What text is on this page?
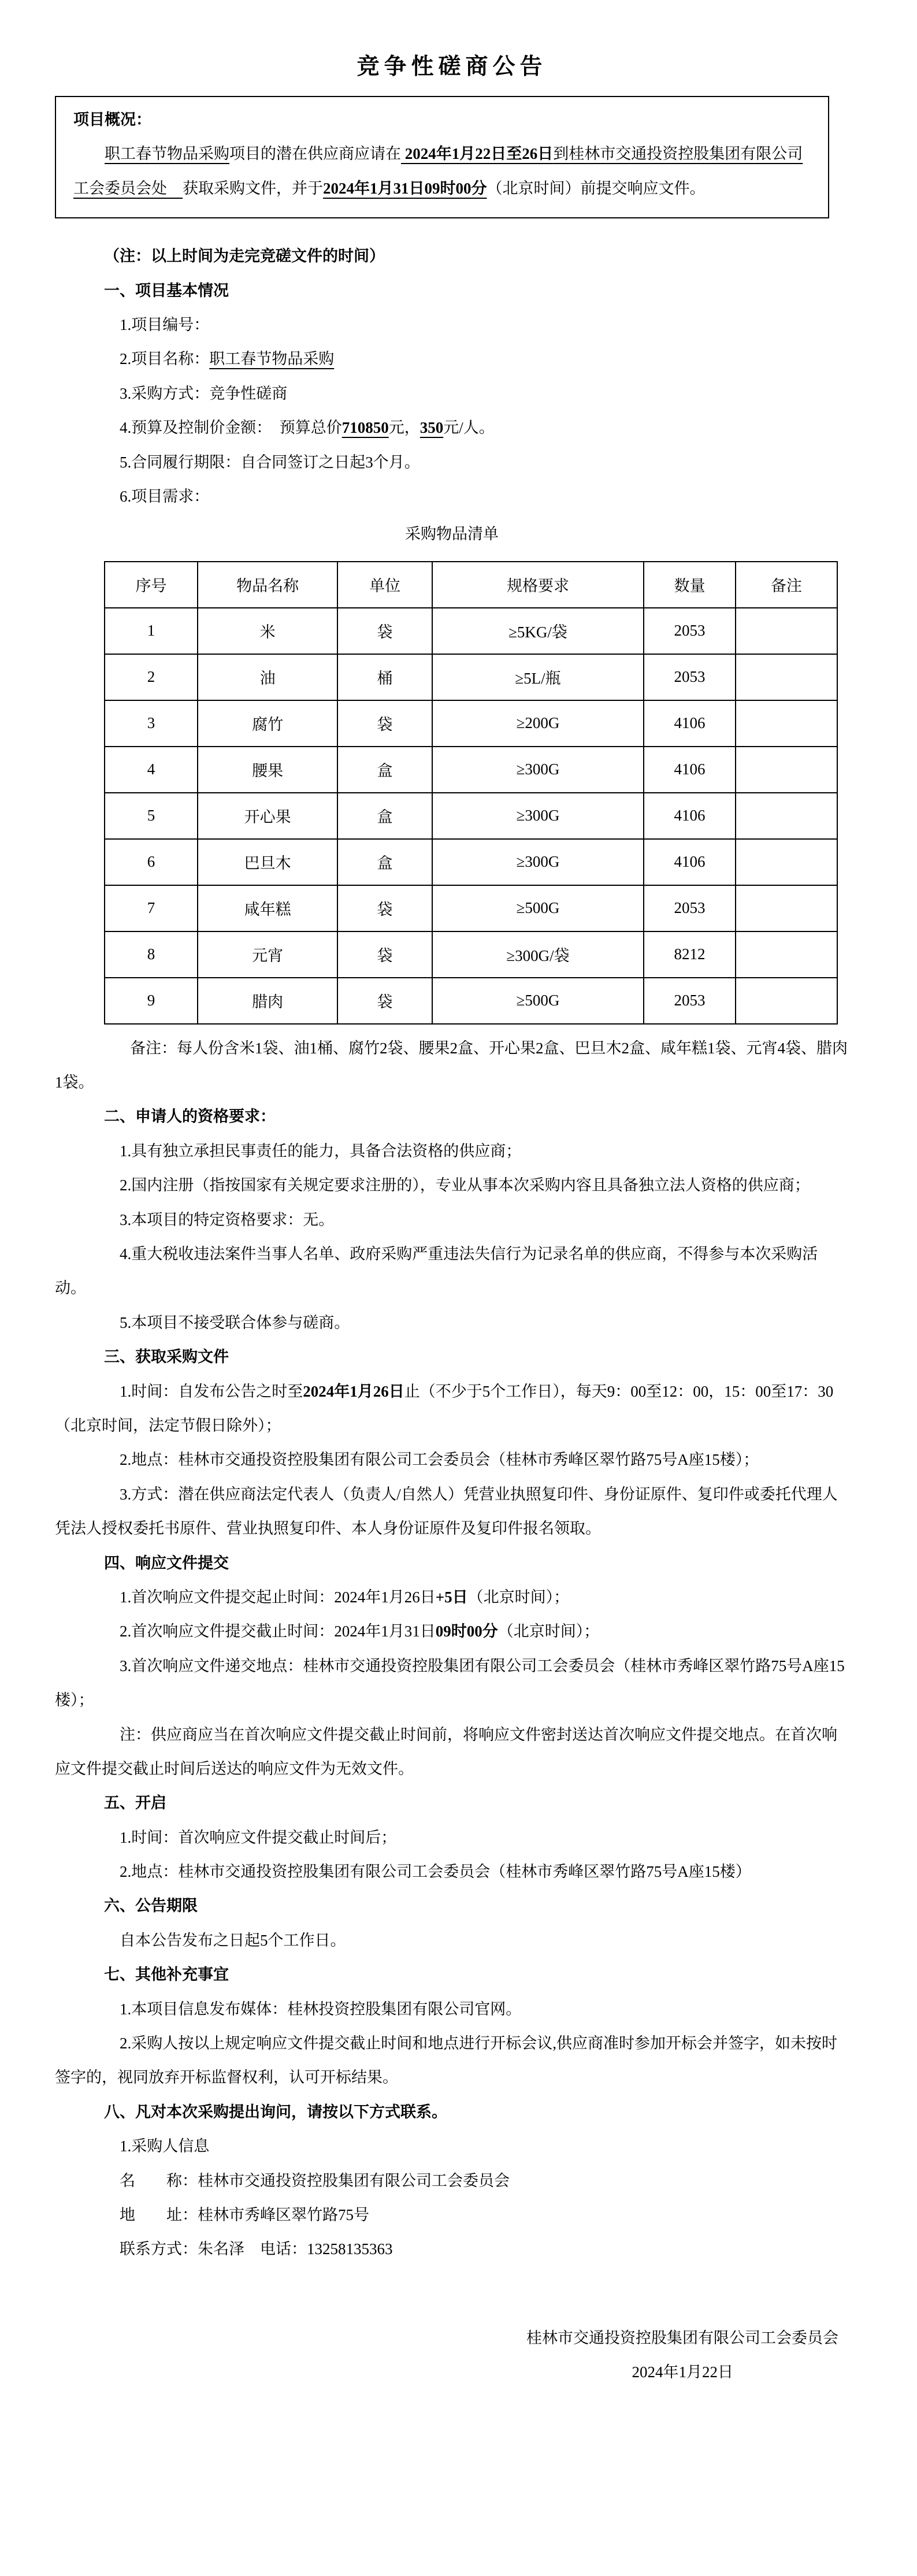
竞争性磋商公告

项目概况：

职工春节物品采购项目的潜在供应商应请在 2024年1月22日至26日到桂林市交通投资控股集团有限公司工会委员会处　获取采购文件，并于2024年1月31日09时00分（北京时间）前提交响应文件。

（注：以上时间为走完竞磋文件的时间）

一、项目基本情况

1.项目编号：

2.项目名称：职工春节物品采购

3.采购方式：竞争性磋商

4.预算及控制价金额：　预算总价710850元，350元/人。

5.合同履行期限：自合同签订之日起3个月。

6.项目需求：

采购物品清单

序号	物品名称	单位	规格要求	数量	备注
1	米	袋	≥5KG/袋	2053	
2	油	桶	≥5L/瓶	2053	
3	腐竹	袋	≥200G	4106	
4	腰果	盒	≥300G	4106	
5	开心果	盒	≥300G	4106	
6	巴旦木	盒	≥300G	4106	
7	咸年糕	袋	≥500G	2053	
8	元宵	袋	≥300G/袋	8212	
9	腊肉	袋	≥500G	2053	

备注：每人份含米1袋、油1桶、腐竹2袋、腰果2盒、开心果2盒、巴旦木2盒、咸年糕1袋、元宵4袋、腊肉1袋。

二、申请人的资格要求：

1.具有独立承担民事责任的能力，具备合法资格的供应商；

2.国内注册（指按国家有关规定要求注册的），专业从事本次采购内容且具备独立法人资格的供应商；

3.本项目的特定资格要求：无。

4.重大税收违法案件当事人名单、政府采购严重违法失信行为记录名单的供应商，不得参与本次采购活动。

5.本项目不接受联合体参与磋商。

三、获取采购文件

1.时间：自发布公告之时至2024年1月26日止（不少于5个工作日），每天9：00至12：00，15：00至17：30（北京时间，法定节假日除外）；

2.地点：桂林市交通投资控股集团有限公司工会委员会（桂林市秀峰区翠竹路75号A座15楼）；

3.方式：潜在供应商法定代表人（负责人/自然人）凭营业执照复印件、身份证原件、复印件或委托代理人凭法人授权委托书原件、营业执照复印件、本人身份证原件及复印件报名领取。

四、响应文件提交

1.首次响应文件提交起止时间：2024年1月26日+5日（北京时间）；

2.首次响应文件提交截止时间：2024年1月31日09时00分（北京时间）；

3.首次响应文件递交地点：桂林市交通投资控股集团有限公司工会委员会（桂林市秀峰区翠竹路75号A座15楼）；

注：供应商应当在首次响应文件提交截止时间前，将响应文件密封送达首次响应文件提交地点。在首次响应文件提交截止时间后送达的响应文件为无效文件。

五、开启

1.时间：首次响应文件提交截止时间后；

2.地点：桂林市交通投资控股集团有限公司工会委员会（桂林市秀峰区翠竹路75号A座15楼）

六、公告期限

自本公告发布之日起5个工作日。

七、其他补充事宜

1.本项目信息发布媒体：桂林投资控股集团有限公司官网。

2.采购人按以上规定响应文件提交截止时间和地点进行开标会议,供应商准时参加开标会并签字，如未按时签字的，视同放弃开标监督权利，认可开标结果。

八、凡对本次采购提出询问，请按以下方式联系。

1.采购人信息

名　　称：桂林市交通投资控股集团有限公司工会委员会

地　　址：桂林市秀峰区翠竹路75号

联系方式：朱名泽　电话：13258135363

桂林市交通投资控股集团有限公司工会委员会

2024年1月22日
